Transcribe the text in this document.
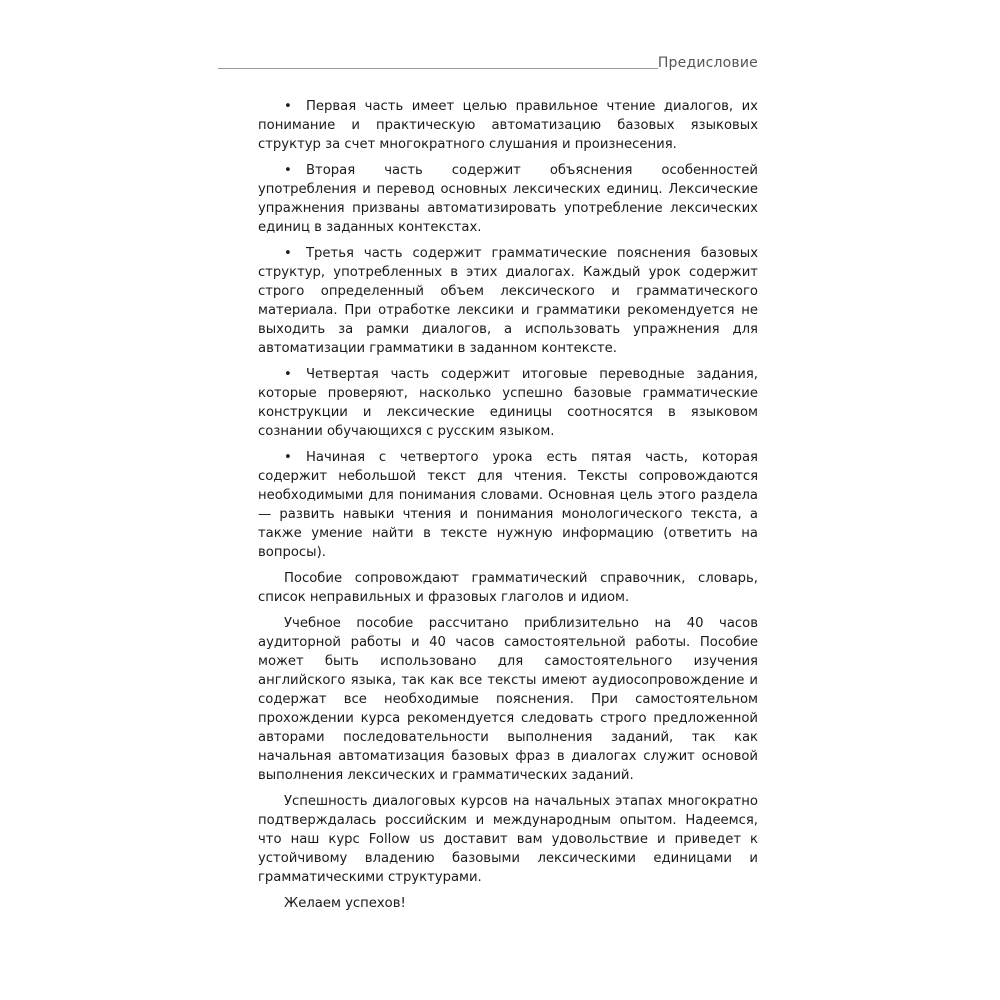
Предисловие
• Первая часть имеет целью правильное чтение диалогов, их понимание и практическую автоматизацию базовых языковых структур за счет многократного слушания и произнесения.
• Вторая часть содержит объяснения особенностей употребления и перевод основных лексических единиц. Лексические упражнения призваны автоматизировать употребление лексических единиц в заданных контекстах.
• Третья часть содержит грамматические пояснения базовых структур, употребленных в этих диалогах. Каждый урок содержит строго определенный объем лексического и грамматического материала. При отработке лексики и грамматики рекомендуется не выходить за рамки диалогов, а использовать упражнения для автоматизации грамматики в заданном контексте.
• Четвертая часть содержит итоговые переводные задания, которые проверяют, насколько успешно базовые грамматические конструкции и лексические единицы соотносятся в языковом сознании обучающихся с русским языком.
• Начиная с четвертого урока есть пятая часть, которая содержит небольшой текст для чтения. Тексты сопровождаются необходимыми для понимания словами. Основная цель этого раздела — развить навыки чтения и понимания монологического текста, а также умение найти в тексте нужную информацию (ответить на вопросы).

Пособие сопровождают грамматический справочник, словарь, список неправильных и фразовых глаголов и идиом.

Учебное пособие рассчитано приблизительно на 40 часов аудиторной работы и 40 часов самостоятельной работы. Пособие может быть использовано для самостоятельного изучения английского языка, так как все тексты имеют аудиосопровождение и содержат все необходимые пояснения. При самостоятельном прохождении курса рекомендуется следовать строго предложенной авторами последовательности выполнения заданий, так как начальная автоматизация базовых фраз в диалогах служит основой выполнения лексических и грамматических заданий.

Успешность диалоговых курсов на начальных этапах многократно подтверждалась российским и международным опытом. Надеемся, что наш курс Follow us доставит вам удовольствие и приведет к устойчивому владению базовыми лексическими единицами и грамматическими структурами.

Желаем успехов!
